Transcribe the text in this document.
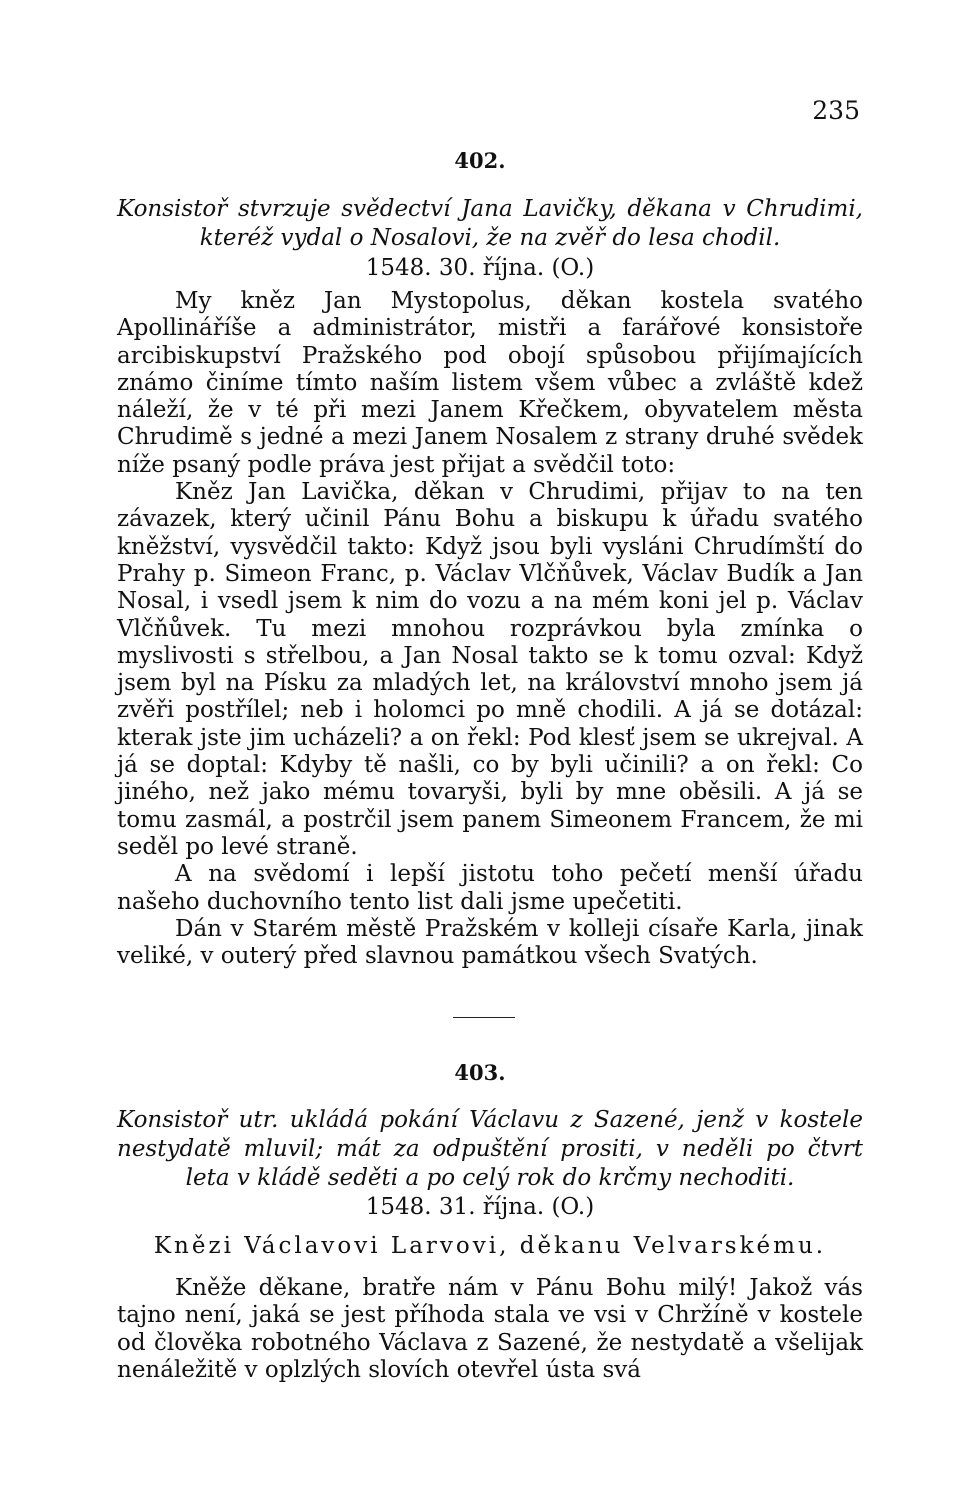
235
402.

Konsistoř stvrzuje svědectví Jana Lavičky, děkana v Chrudimi, kteréž vydal o Nosalovi, že na zvěř do lesa chodil.

1548. 30. října. (O.)
My kněz Jan Mystopolus, děkan kostela svatého Apollináříše a administrátor, mistři a farářové konsistoře arcibiskupství Pražského pod obojí spůsobou přijímajících známo činíme tímto naším listem všem vůbec a zvláště kdež náleží, že v té při mezi Janem Křečkem, obyvatelem města Chrudimě s jedné a mezi Janem Nosalem z strany druhé svědek níže psaný podle práva jest přijat a svědčil toto:
Kněz Jan Lavička, děkan v Chrudimi, přijav to na ten závazek, který učinil Pánu Bohu a biskupu k úřadu svatého kněžství, vysvědčil takto: Když jsou byli vysláni Chrudímští do Prahy p. Simeon Franc, p. Václav Vlčňůvek, Václav Budík a Jan Nosal, i vsedl jsem k nim do vozu a na mém koni jel p. Václav Vlčňůvek. Tu mezi mnohou rozprávkou byla zmínka o myslivosti s střelbou, a Jan Nosal takto se k tomu ozval: Když jsem byl na Písku za mladých let, na království mnoho jsem já zvěři postřílel; neb i holomci po mně chodili. A já se dotázal: kterak jste jim ucházeli? a on řekl: Pod klesť jsem se ukrejval. A já se doptal: Kdyby tě našli, co by byli učinili? a on řekl: Co jiného, než jako mému tovaryši, byli by mne oběsili. A já se tomu zasmál, a postrčil jsem panem Simeonem Francem, že mi seděl po levé straně.
A na svědomí i lepší jistotu toho pečetí menší úřadu našeho duchovního tento list dali jsme upečetiti.
Dán v Starém městě Pražském v kolleji císaře Karla, jinak veliké, v outerý před slavnou památkou všech Svatých.
403.

Konsistoř utr. ukládá pokání Václavu z Sazené, jenž v kostele nestydatě mluvil; mát za odpuštění prositi, v neděli po čtvrt leta v kládě seděti a po celý rok do krčmy nechoditi.

1548. 31. října. (O.)
Knězi Václavovi Larvovi, děkanu Velvarskému.
Kněže děkane, bratře nám v Pánu Bohu milý! Jakož vás tajno není, jaká se jest příhoda stala ve vsi v Chržíně v kostele od člověka robotného Václava z Sazené, že nestydatě a všelijak nenáležitě v oplzlých slovích otevřel ústa svá
